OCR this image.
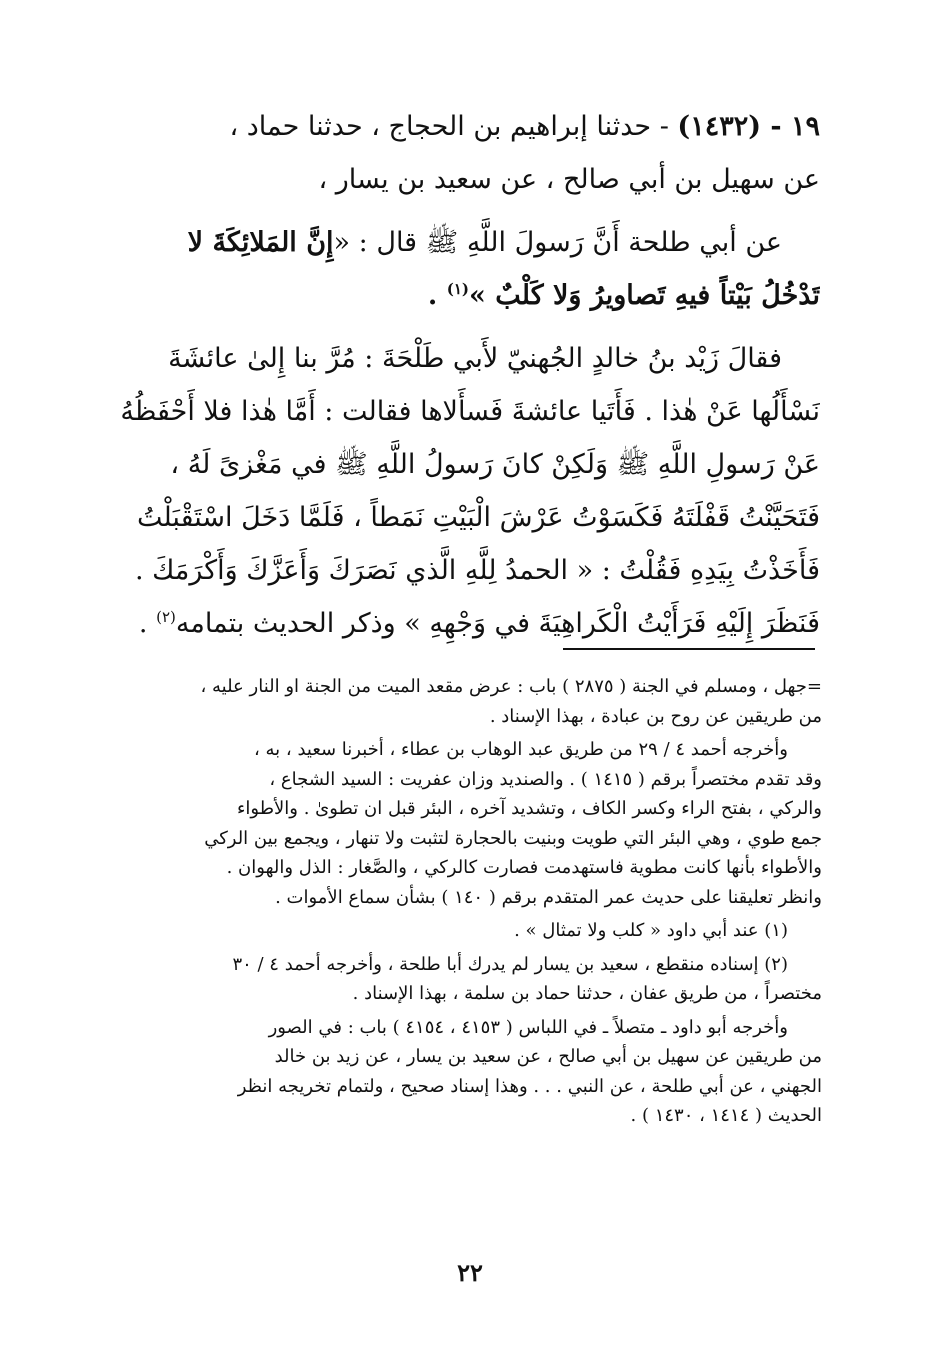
١٩ - (١٤٣٢) - حدثنا إبراهيم بن الحجاج ، حدثنا حماد ،
عن سهيل بن أبي صالح ، عن سعيد بن يسار ،
عن أبي طلحة أَنَّ رَسولَ اللَّهِ ﷺ قال : «إِنَّ المَلائِكَةَ لا
تَدْخُلُ بَيْتاً فيهِ تَصاويرُ وَلا كَلْبٌ »$^{(١)}$ .
فقالَ زَيْد بنُ خالدٍ الجُهنيّ لأَبي طَلْحَةَ : مُرَّ بنا إِلىٰ عائشَةَ
نَسْأَلُها عَنْ هٰذا . فَأَتَيا عائشةَ فَسأَلاها فقالت : أَمَّا هٰذا فلا أَحْفَظُهُ
عَنْ رَسولِ اللَّهِ ﷺ وَلَكِنْ كانَ رَسولُ اللَّهِ ﷺ في مَغْزىً لَهُ ،
فَتَحَيَّنْتُ قَفْلَتَهُ فَكَسَوْتُ عَرْشَ الْبَيْتِ نَمَطاً ، فَلَمَّا دَخَلَ اسْتَقْبَلْتُ
فَأَخَذْتُ بِيَدِهِ فَقُلْتُ : « الحمدُ لِلَّهِ الَّذي نَصَرَكَ وَأَعَزَّكَ وَأَكْرَمَكَ .
فَنَظَرَ إِلَيْهِ فَرَأَيْتُ الْكَراهِيَةَ في وَجْهِهِ » وذكر الحديث بتمامه$^{(٢)}$ .
=جهل ، ومسلم في الجنة ( ٢٨٧٥ ) باب : عرض مقعد الميت من الجنة او النار عليه ،
من طريقين عن روح بن عبادة ، بهذا الإسناد .
وأخرجه أحمد ٤ / ٢٩ من طريق عبد الوهاب بن عطاء ، أخبرنا سعيد ، به ،
وقد تقدم مختصراً برقم ( ١٤١٥ ) . والصنديد وزان عفريت : السيد الشجاع ،
والركي ، بفتح الراء وكسر الكاف ، وتشديد آخره ، البئر قبل ان تطوىٰ . والأطواء
جمع طوي ، وهي البئر التي طويت وبنيت بالحجارة لتثبت ولا تنهار ، ويجمع بين الركي
والأطواء بأنها كانت مطوية فاستهدمت فصارت كالركي ، والصَّغار : الذل والهوان .
وانظر تعليقنا على حديث عمر المتقدم برقم ( ١٤٠ ) بشأن سماع الأموات .
(١) عند أبي داود « كلب ولا تمثال » .
(٢) إسناده منقطع ، سعيد بن يسار لم يدرك أبا طلحة ، وأخرجه أحمد ٤ / ٣٠
مختصراً ، من طريق عفان ، حدثنا حماد بن سلمة ، بهذا الإسناد .
وأخرجه أبو داود ـ متصلاً ـ في اللباس ( ٤١٥٣ ، ٤١٥٤ ) باب : في الصور
من طريقين عن سهيل بن أبي صالح ، عن سعيد بن يسار ، عن زيد بن خالد
الجهني ، عن أبي طلحة ، عن النبي . . . وهذا إسناد صحيح ، ولتمام تخريجه انظر
الحديث ( ١٤١٤ ، ١٤٣٠ ) .
٢٢
